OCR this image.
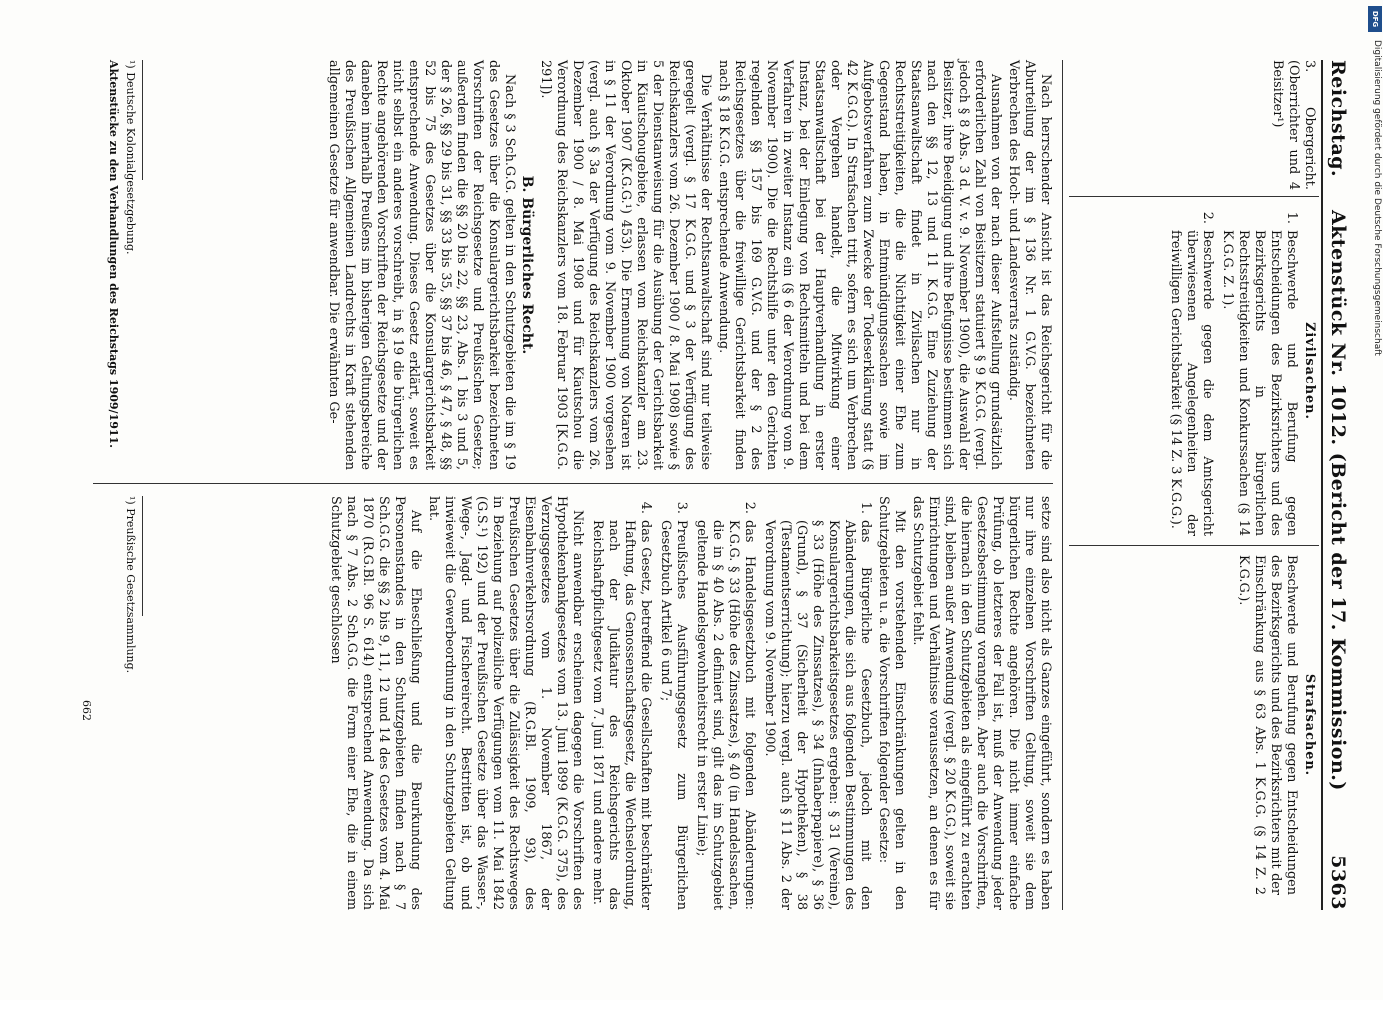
Reichstag.
Aktenstück Nr. 1012. (Bericht der 17. Kommission.)
5363

3. Obergericht. (Oberrichter und 4 Beisitzer¹)

Zivilsachen.

1.
Beschwerde und Berufung gegen Entscheidungen des Bezirksrichters und des Bezirksgerichts in bürgerlichen Rechtsstreitigkeiten und Konkurssachen (§ 14 K.G.G. Z. 1).
2.
Beschwerde gegen die dem Amtsgericht überwiesenen Angelegenheiten der freiwilligen Gerichtsbarkeit (§ 14 Z. 3 K.G.G.).

Strafsachen.

Beschwerde und Berufung gegen Entscheidungen des Bezirksgerichts und des Bezirksrichters mit der Einschränkung aus § 63 Abs. 1 K.G.G. (§ 14 Z. 2 K.G.G.).

Nach herrschender Ansicht ist das Reichsgericht für die Aburteilung der im § 136 Nr. 1 G.V.G. bezeichneten Verbrechen des Hoch- und Landesverrats zuständig.

Ausnahmen von der nach dieser Aufstellung grundsätzlich erforderlichen Zahl von Beisitzern statuiert § 9 K.G.G. (vergl. jedoch § 8 Abs. 3 d. V. v. 9. November 1900), die Auswahl der Beisitzer, ihre Beeidigung und ihre Befugnisse bestimmen sich nach den §§ 12, 13 und 11 K.G.G. Eine Zuziehung der Staatsanwaltschaft findet in Zivilsachen nur in Rechtsstreitigkeiten, die die Nichtigkeit einer Ehe zum Gegenstand haben, in Entmündigungssachen sowie im Aufgebotsverfahren zum Zwecke der Todeserklärung statt (§ 42 K.G.G.). In Strafsachen tritt, sofern es sich um Verbrechen oder Vergehen handelt, die Mitwirkung einer Staatsanwaltschaft bei der Hauptverhandlung in erster Instanz, bei der Einlegung von Rechtsmitteln und bei dem Verfahren in zweiter Instanz ein (§ 6 der Verordnung vom 9. November 1900). Die die Rechtshilfe unter den Gerichten regelnden §§ 157 bis 169 G.V.G. und der § 2 des Reichsgesetzes über die freiwillige Gerichtsbarkeit finden nach § 18 K.G.G. entsprechende Anwendung.

Die Verhältnisse der Rechtsanwaltschaft sind nur teilweise geregelt (vergl. § 17 K.G.G. und § 3 der Verfügung des Reichskanzlers vom 26. Dezember 1900 / 8. Mai 1908) sowie § 5 der Dienstanweisung für die Ausübung der Gerichtsbarkeit in Kiautschougebiete, erlassen vom Reichskanzler am 23. Oktober 1907 (K.G.G.¹) 453). Die Ernennung von Notaren ist in § 11 der Verordnung vom 9. November 1900 vorgesehen (vergl. auch § 3a der Verfügung des Reichskanzlers vom 26. Dezember 1900 / 8. Mai 1908 und für Kiautschou die Verordnung des Reichskanzlers vom 18. Februar 1903 [K.G.G. 291]).

B. Bürgerliches Recht.

Nach § 3 Sch.G.G. gelten in den Schutzgebieten die im § 19 des Gesetzes über die Konsulargerichtsbarkeit bezeichneten Vorschriften der Reichsgesetze und Preußischen Gesetze; außerdem finden die §§ 20 bis 22, §§ 23, Abs. 1 bis 3 und 5, der § 26, §§ 29 bis 31, §§ 33 bis 35, §§ 37 bis 46, § 47, § 48, §§ 52 bis 75 des Gesetzes über die Konsulargerichtsbarkeit entsprechende Anwendung. Dieses Gesetz erklärt, soweit es nicht selbst ein anderes vorschreibt, in § 19 die bürgerlichen Rechte angehörenden Vorschriften der Reichsgesetze und der daneben innerhalb Preußens im bisherigen Geltungsbereiche des Preußischen Allgemeinen Landrechts in Kraft stehenden allgemeinen Gesetze für anwendbar. Die erwähnten Ge-

¹) Deutsche Kolonialgesetzgebung.

Aktenstücke zu den Verhandlungen des Reichstags 1909/1911.

setze sind also nicht als Ganzes eingeführt, sondern es haben nur ihre einzelnen Vorschriften Geltung, soweit sie dem bürgerlichen Rechte angehören. Die nicht immer einfache Prüfung, ob letzteres der Fall ist, muß der Anwendung jeder Gesetzesbestimmung vorangehen. Aber auch die Vorschriften, die hiernach in den Schutzgebieten als eingeführt zu erachten sind, bleiben außer Anwendung (vergl. § 20 K.G.G.), soweit sie Einrichtungen und Verhältnisse voraussetzen, an denen es für das Schutzgebiet fehlt.

Mit den vorstehenden Einschränkungen gelten in den Schutzgebieten u. a. die Vorschriften folgender Gesetze:

1.
das Bürgerliche Gesetzbuch, jedoch mit den Abänderungen, die sich aus folgenden Bestimmungen des Konsulargerichtsbarkeitsgesetzes ergeben: § 31 (Vereine), § 33 (Höhe des Zinssatzes), § 34 (Inhaberpapiere), § 36 (Grund), § 37 (Sicherheit der Hypotheken), § 38 (Testamentserrichtung); hierzu vergl. auch § 11 Abs. 2 der Verordnung vom 9. November 1900.
2.
das Handelsgesetzbuch mit folgenden Abänderungen: K.G.G. § 33 (Höhe des Zinssatzes), § 40 (in Handelssachen, die in § 40 Abs. 2 definiert sind, gilt das im Schutzgebiet geltende Handelsgewohnheitsrecht in erster Linie);
3.
Preußisches Ausführungsgesetz zum Bürgerlichen Gesetzbuch Artikel 6 und 7;
4.
das Gesetz, betreffend die Gesellschaften mit beschränkter Haftung, das Genossenschaftsgesetz, die Wechselordnung, nach der Judikatur des Reichsgerichts das Reichshaftpflichtgesetz vom 7. Juni 1871 und andere mehr.

Nicht anwendbar erscheinen dagegen die Vorschriften des Hypothekenbankgesetzes vom 13. Juni 1899 (K.G.G. 375), des Verzugsgesetzes vom 1. November 1867, der Eisenbahnverkehrsordnung (R.G.Bl. 1909, 93), des Preußischen Gesetzes über die Zulässigkeit des Rechtsweges in Beziehung auf polizeiliche Verfügungen vom 11. Mai 1842 (G.S.¹) 192) und der Preußischen Gesetze über das Wasser-, Wege-, Jagd- und Fischereirecht. Bestritten ist, ob und inwieweit die Gewerbeordnung in den Schutzgebieten Geltung hat.

Auf die Eheschließung und die Beurkundung des Personenstandes in den Schutzgebieten finden nach § 7 Sch.G.G. die §§ 2 bis 9, 11, 12 und 14 des Gesetzes vom 4. Mai 1870 (R.G.Bl. 96 S. 614) entsprechend Anwendung. Da sich nach § 7 Abs. 2 Sch.G.G. die Form einer Ehe, die in einem Schutzgebiet geschlossen

¹) Preußische Gesetzsammlung.

662
DFG
Digitalisierung gefördert durch die Deutsche Forschungsgemeinschaft
